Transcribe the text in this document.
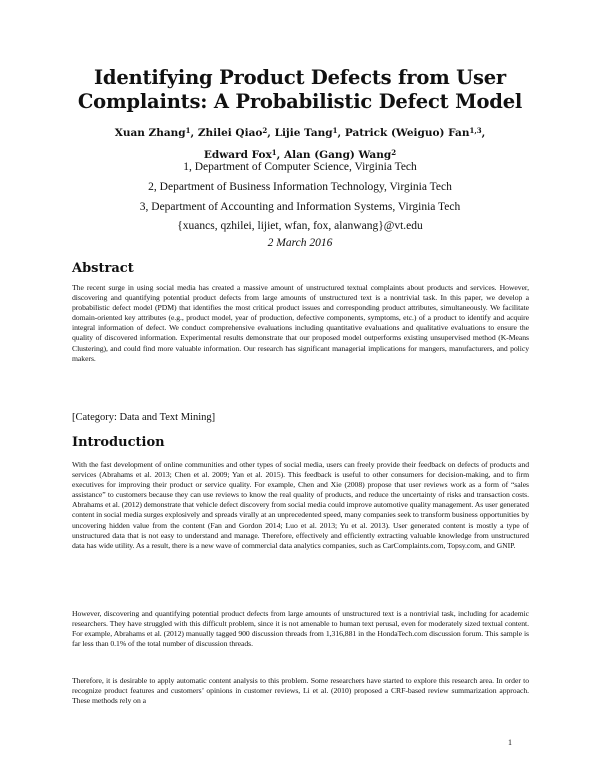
Identifying Product Defects from User Complaints: A Probabilistic Defect Model
Xuan Zhang$^1$, Zhilei Qiao$^2$, Lijie Tang$^1$, Patrick (Weiguo) Fan$^{1,3}$,
Edward Fox$^1$, Alan (Gang) Wang$^2$
1, Department of Computer Science, Virginia Tech
2, Department of Business Information Technology, Virginia Tech
3, Department of Accounting and Information Systems, Virginia Tech
{xuancs, qzhilei, lijiet, wfan, fox, alanwang}@vt.edu
2 March 2016
Abstract

The recent surge in using social media has created a massive amount of unstructured textual complaints about products and services. However, discovering and quantifying potential product defects from large amounts of unstructured text is a nontrivial task. In this paper, we develop a probabilistic defect model (PDM) that identifies the most critical product issues and corresponding product attributes, simultaneously. We facilitate domain-oriented key attributes (e.g., product model, year of production, defective components, symptoms, etc.) of a product to identify and acquire integral information of defect. We conduct comprehensive evaluations including quantitative evaluations and qualitative evaluations to ensure the quality of discovered information. Experimental results demonstrate that our proposed model outperforms existing unsupervised method (K-Means Clustering), and could find more valuable information. Our research has significant managerial implications for mangers, manufacturers, and policy makers.

[Category: Data and Text Mining]
Introduction

With the fast development of online communities and other types of social media, users can freely provide their feedback on defects of products and services (Abrahams et al. 2013; Chen et al. 2009; Yan et al. 2015). This feedback is useful to other consumers for decision-making, and to firm executives for improving their product or service quality. For example, Chen and Xie (2008) propose that user reviews work as a form of “sales assistance” to customers because they can use reviews to know the real quality of products, and reduce the uncertainty of risks and transaction costs. Abrahams et al. (2012) demonstrate that vehicle defect discovery from social media could improve automotive quality management. As user generated content in social media surges explosively and spreads virally at an unprecedented speed, many companies seek to transform business opportunities by uncovering hidden value from the content (Fan and Gordon 2014; Luo et al. 2013; Yu et al. 2013). User generated content is mostly a type of unstructured data that is not easy to understand and manage. Therefore, effectively and efficiently extracting valuable knowledge from unstructured data has wide utility. As a result, there is a new wave of commercial data analytics companies, such as CarComplaints.com, Topsy.com, and GNIP.

However, discovering and quantifying potential product defects from large amounts of unstructured text is a nontrivial task, including for academic researchers. They have struggled with this difficult problem, since it is not amenable to human text perusal, even for moderately sized textual content. For example, Abrahams et al. (2012) manually tagged 900 discussion threads from 1,316,881 in the HondaTech.com discussion forum. This sample is far less than 0.1% of the total number of discussion threads.

Therefore, it is desirable to apply automatic content analysis to this problem. Some researchers have started to explore this research area. In order to recognize product features and customers’ opinions in customer reviews, Li et al. (2010) proposed a CRF-based review summarization approach. These methods rely on a

1
